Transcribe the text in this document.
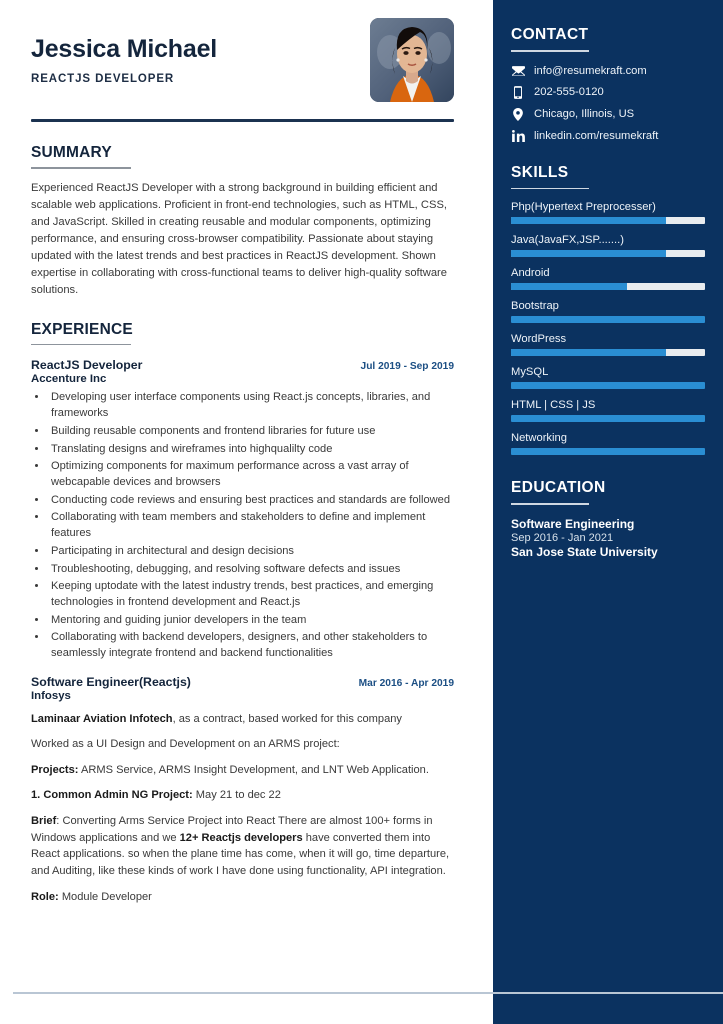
Jessica Michael
REACTJS DEVELOPER
SUMMARY
Experienced ReactJS Developer with a strong background in building efficient and scalable web applications. Proficient in front-end technologies, such as HTML, CSS, and JavaScript. Skilled in creating reusable and modular components, optimizing performance, and ensuring cross-browser compatibility. Passionate about staying updated with the latest trends and best practices in ReactJS development. Shown expertise in collaborating with cross-functional teams to deliver high-quality software solutions.
EXPERIENCE
ReactJS Developer	Jul 2019 - Sep 2019
Accenture Inc
• Developing user interface components using React.js concepts, libraries, and frameworks
• Building reusable components and frontend libraries for future use
• Translating designs and wireframes into highqualilty code
• Optimizing components for maximum performance across a vast array of webcapable devices and browsers
• Conducting code reviews and ensuring best practices and standards are followed
• Collaborating with team members and stakeholders to define and implement features
• Participating in architectural and design decisions
• Troubleshooting, debugging, and resolving software defects and issues
• Keeping uptodate with the latest industry trends, best practices, and emerging technologies in frontend development and React.js
• Mentoring and guiding junior developers in the team
• Collaborating with backend developers, designers, and other stakeholders to seamlessly integrate frontend and backend functionalities
Software Engineer(Reactjs)	Mar 2016 - Apr 2019
Infosys
Laminaar Aviation Infotech, as a contract, based worked for this company
Worked as a UI Design and Development on an ARMS project:
Projects: ARMS Service, ARMS Insight Development, and LNT Web Application.
1. Common Admin NG Project: May 21 to dec 22
Brief: Converting Arms Service Project into React There are almost 100+ forms in Windows applications and we 12+ Reactjs developers have converted them into React applications. so when the plane time has come, when it will go, time departure, and Auditing, like these kinds of work I have done using functionality, API integration.
Role: Module Developer
CONTACT
info@resumekraft.com
202-555-0120
Chicago, Illinois, US
linkedin.com/resumekraft
SKILLS
Php(Hypertext Preprocesser)
Java(JavaFX,JSP.......)
Android
Bootstrap
WordPress
MySQL
HTML | CSS | JS
Networking
EDUCATION
Software Engineering
Sep 2016 - Jan 2021
San Jose State University
